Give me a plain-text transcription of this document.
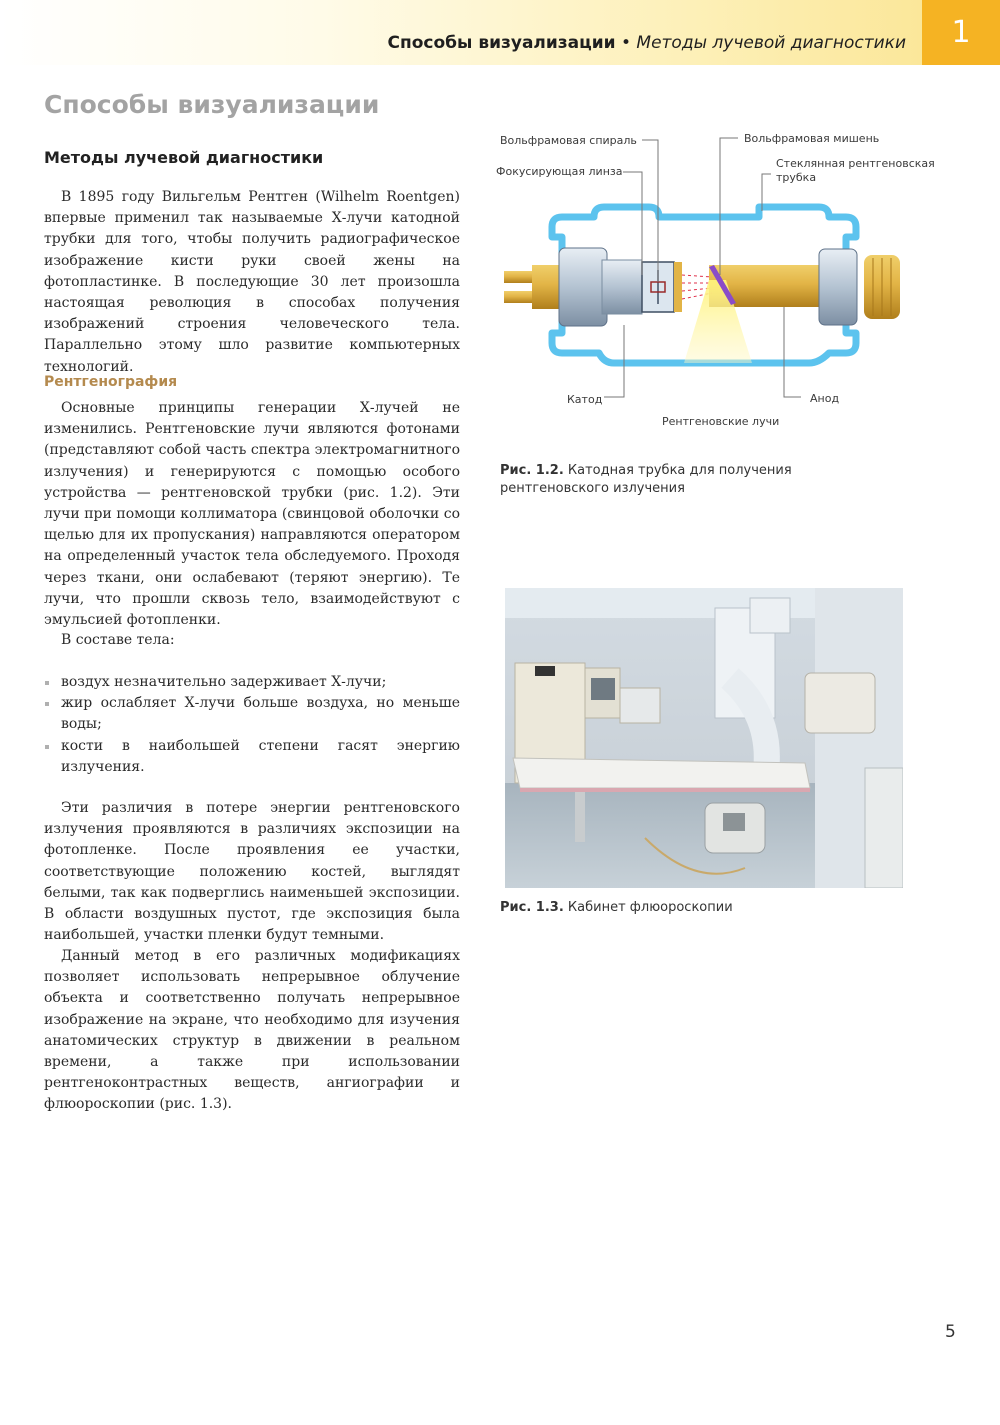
Способы визуализации • Методы лучевой диагностики	1
Способы визуализации
Методы лучевой диагностики

В 1895 году Вильгельм Рентген (Wilhelm Roentgen) впервые применил так называемые Х-лучи катодной трубки для того, чтобы получить радиографическое изображение кисти руки своей жены на фотопластинке. В последующие 30 лет произошла настоящая революция в способах получения изображений строения человеческого тела. Параллельно этому шло развитие компьютерных технологий.

Рентгенография

Основные принципы генерации Х-лучей не изменились. Рентгеновские лучи являются фотонами (представляют собой часть спектра электромагнитного излучения) и генерируются с помощью особого устройства — рентгеновской трубки (рис. 1.2). Эти лучи при помощи коллиматора (свинцовой оболочки со щелью для их пропускания) направляются оператором на определенный участок тела обследуемого. Проходя через ткани, они ослабевают (теряют энергию). Те лучи, что прошли сквозь тело, взаимодействуют с эмульсией фотопленки.

В составе тела:

воздух незначительно задерживает Х-лучи;
жир ослабляет Х-лучи больше воздуха, но меньше воды;
кости в наибольшей степени гасят энергию излучения.

Эти различия в потере энергии рентгеновского излучения проявляются в различиях экспозиции на фотопленке. После проявления ее участки, соответствующие положению костей, выглядят белыми, так как подверглись наименьшей экспозиции. В области воздушных пустот, где экспозиция была наибольшей, участки пленки будут темными.

Данный метод в его различных модификациях позволяет использовать непрерывное облучение объекта и соответственно получать непрерывное изображение на экране, что необходимо для изучения анатомических структур в движении в реальном времени, а также при использовании рентгеноконтрастных веществ, ангиографии и флюороскопии (рис. 1.3).

Вольфрамовая спираль
Фокусирующая линза
Вольфрамовая мишень
Стеклянная рентгеновская
трубка
Катод	Анод
Рентгеновские лучи

Рис. 1.2. Катодная трубка для получения рентгеновского излучения

Рис. 1.3. Кабинет флюороскопии

5
